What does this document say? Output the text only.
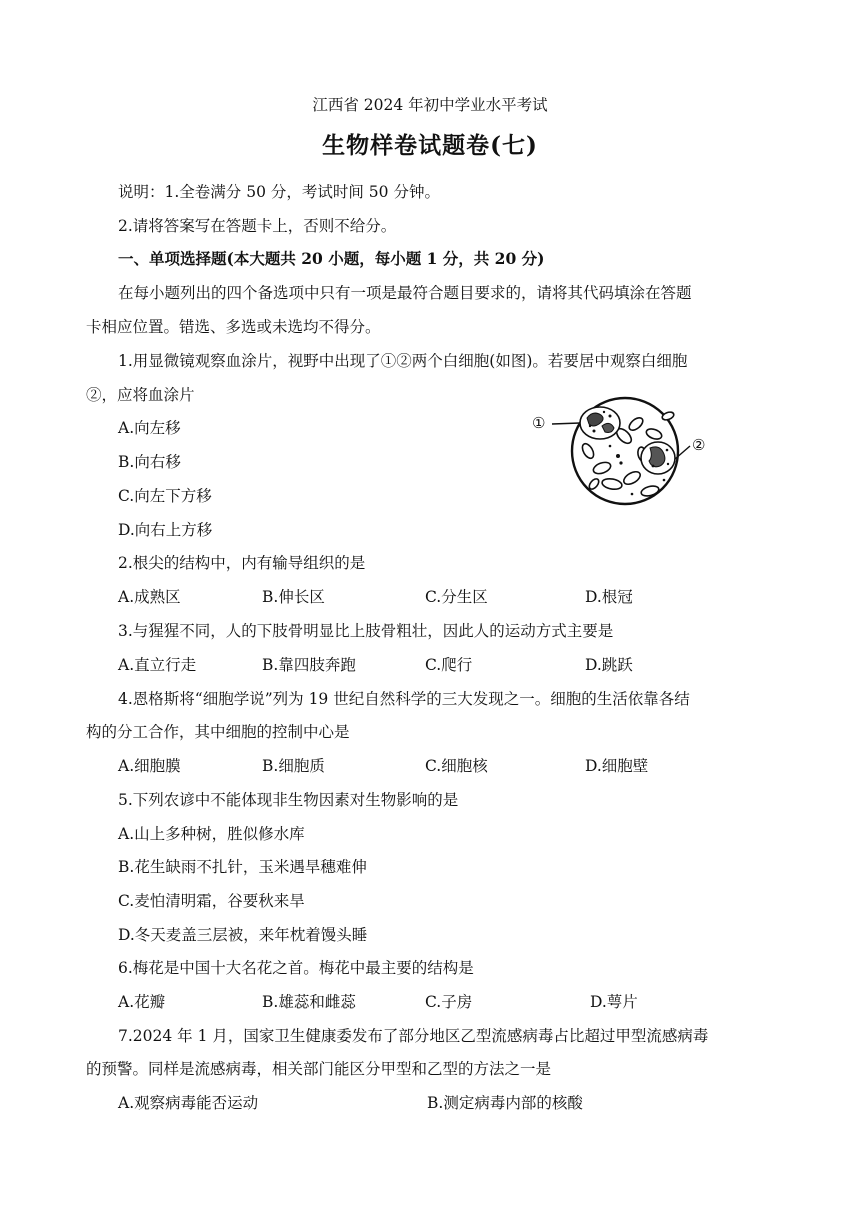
江西省 2024 年初中学业水平考试
生物样卷试题卷(七)
说明：1.全卷满分 50 分，考试时间 50 分钟。
2.请将答案写在答题卡上，否则不给分。
一、单项选择题(本大题共 20 小题，每小题 1 分，共 20 分)
在每小题列出的四个备选项中只有一项是最符合题目要求的，请将其代码填涂在答题
卡相应位置。错选、多选或未选均不得分。
1.用显微镜观察血涂片，视野中出现了①②两个白细胞(如图)。若要居中观察白细胞
②，应将血涂片
A.向左移
B.向右移
C.向左下方移
D.向右上方移
①
②
2.根尖的结构中，内有输导组织的是
A.成熟区	B.伸长区	C.分生区	D.根冠
3.与猩猩不同，人的下肢骨明显比上肢骨粗壮，因此人的运动方式主要是
A.直立行走	B.靠四肢奔跑	C.爬行	D.跳跃
4.恩格斯将“细胞学说”列为 19 世纪自然科学的三大发现之一。细胞的生活依靠各结
构的分工合作，其中细胞的控制中心是
A.细胞膜	B.细胞质	C.细胞核	D.细胞壁
5.下列农谚中不能体现非生物因素对生物影响的是
A.山上多种树，胜似修水库
B.花生缺雨不扎针，玉米遇旱穗难伸
C.麦怕清明霜，谷要秋来旱
D.冬天麦盖三层被，来年枕着馒头睡
6.梅花是中国十大名花之首。梅花中最主要的结构是
A.花瓣	B.雄蕊和雌蕊	C.子房	D.萼片
7.2024 年 1 月，国家卫生健康委发布了部分地区乙型流感病毒占比超过甲型流感病毒
的预警。同样是流感病毒，相关部门能区分甲型和乙型的方法之一是
A.观察病毒能否运动	B.测定病毒内部的核酸
